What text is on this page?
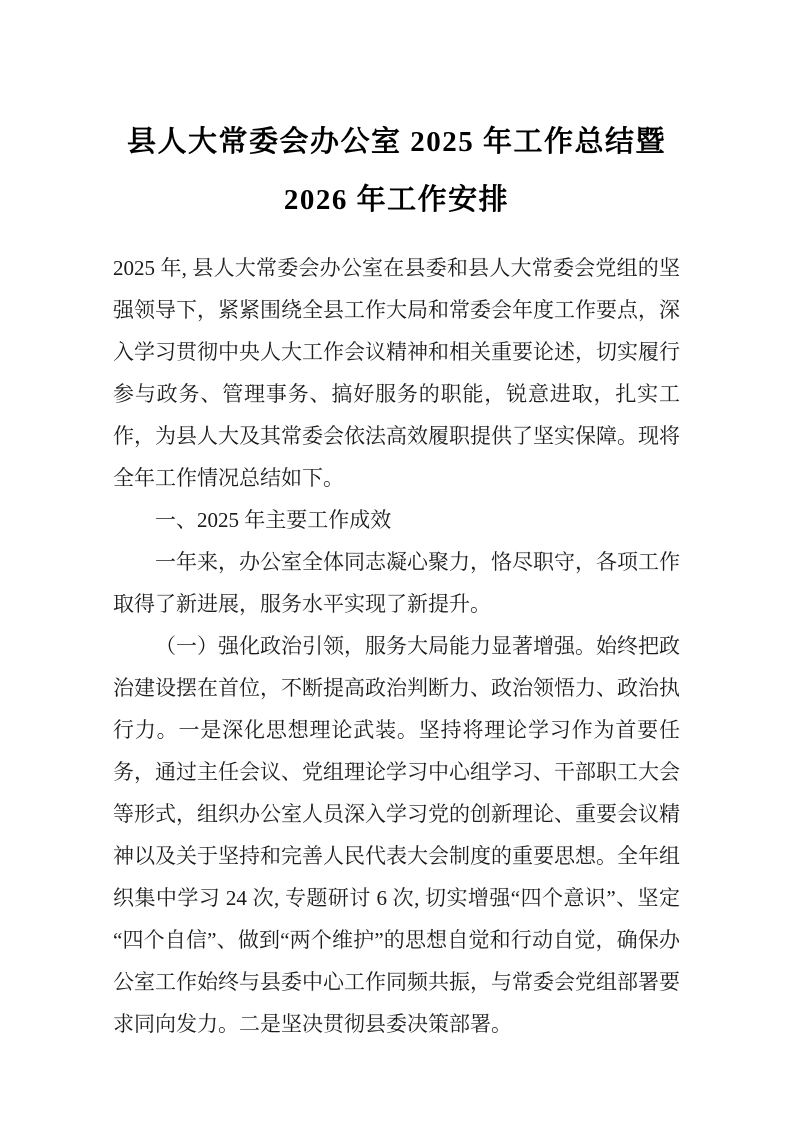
县人大常委会办公室 2025 年工作总结暨
2026 年工作安排

2025 年, 县人大常委会办公室在县委和县人大常委会党组的坚强领导下，紧紧围绕全县工作大局和常委会年度工作要点，深入学习贯彻中央人大工作会议精神和相关重要论述，切实履行参与政务、管理事务、搞好服务的职能，锐意进取，扎实工作，为县人大及其常委会依法高效履职提供了坚实保障。现将全年工作情况总结如下。

一、2025 年主要工作成效

一年来，办公室全体同志凝心聚力，恪尽职守，各项工作取得了新进展，服务水平实现了新提升。

（一）强化政治引领，服务大局能力显著增强。始终把政治建设摆在首位，不断提高政治判断力、政治领悟力、政治执行力。一是深化思想理论武装。坚持将理论学习作为首要任务，通过主任会议、党组理论学习中心组学习、干部职工大会等形式，组织办公室人员深入学习党的创新理论、重要会议精神以及关于坚持和完善人民代表大会制度的重要思想。全年组织集中学习 24 次, 专题研讨 6 次, 切实增强“四个意识”、坚定“四个自信”、做到“两个维护”的思想自觉和行动自觉，确保办公室工作始终与县委中心工作同频共振，与常委会党组部署要求同向发力。二是坚决贯彻县委决策部署。
